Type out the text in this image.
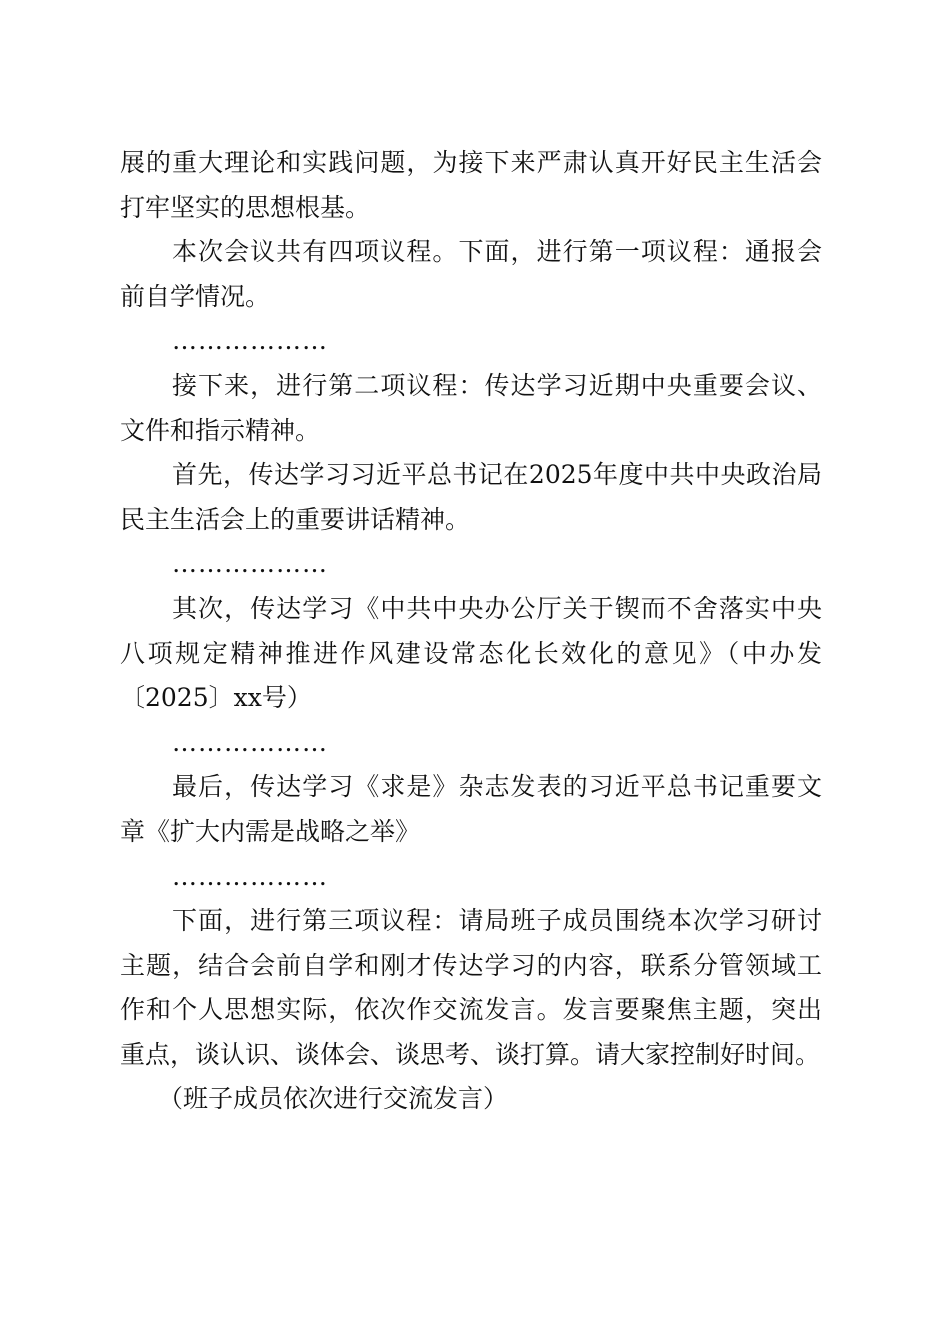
展的重大理论和实践问题，为接下来严肃认真开好民主生活会
打牢坚实的思想根基。
本次会议共有四项议程。下面，进行第一项议程：通报会
前自学情况。
………………
接下来，进行第二项议程：传达学习近期中央重要会议、
文件和指示精神。
首先，传达学习习近平总书记在2025年度中共中央政治局
民主生活会上的重要讲话精神。
………………
其次，传达学习《中共中央办公厅关于锲而不舍落实中央
八项规定精神推进作风建设常态化长效化的意见》（中办发
〔2025〕xx号）
………………
最后，传达学习《求是》杂志发表的习近平总书记重要文
章《扩大内需是战略之举》
………………
下面，进行第三项议程：请局班子成员围绕本次学习研讨
主题，结合会前自学和刚才传达学习的内容，联系分管领域工
作和个人思想实际，依次作交流发言。发言要聚焦主题，突出
重点，谈认识、谈体会、谈思考、谈打算。请大家控制好时间。
（班子成员依次进行交流发言）
